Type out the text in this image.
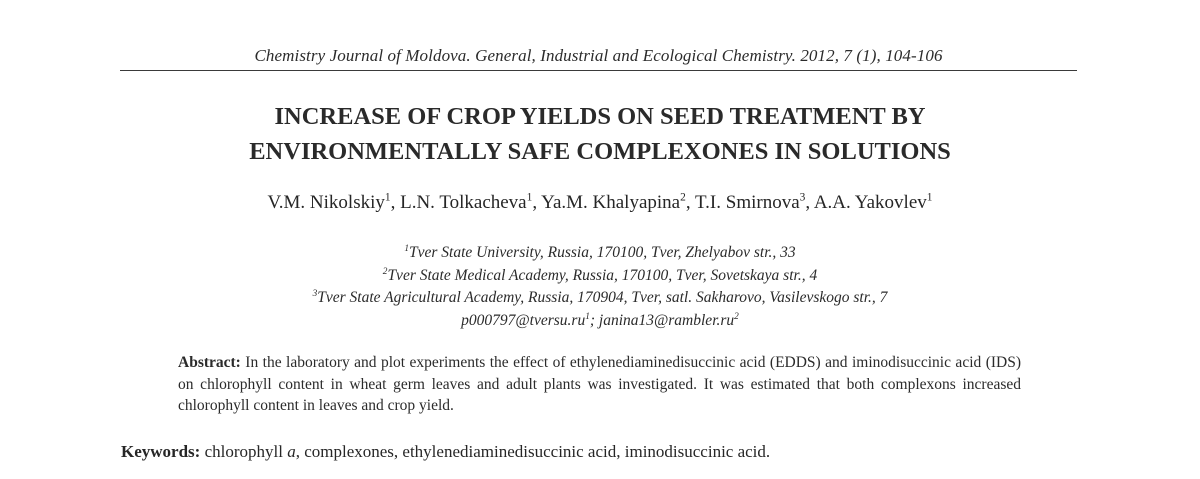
Chemistry Journal of Moldova. General, Industrial and Ecological Chemistry. 2012, 7 (1), 104-106
INCREASE OF CROP YIELDS ON SEED TREATMENT BY
ENVIRONMENTALLY SAFE COMPLEXONES IN SOLUTIONS
V.M. Nikolskiy$^1$, L.N. Tolkacheva$^1$, Ya.M. Khalyapina$^2$, T.I. Smirnova$^3$, A.A. Yakovlev$^1$
$^1$Tver State University, Russia, 170100, Tver, Zhelyabov str., 33
$^2$Tver State Medical Academy, Russia, 170100, Tver, Sovetskaya str., 4
$^3$Tver State Agricultural Academy, Russia, 170904, Tver, satl. Sakharovo, Vasilevskogo str., 7
$p000797@tversu.ru^1$; $janina13@rambler.ru^2$
Abstract: In the laboratory and plot experiments the effect of ethylenediaminedisuccinic acid (EDDS) and iminodisuccinic acid (IDS) on chlorophyll content in wheat germ leaves and adult plants was investigated. It was estimated that both complexons increased chlorophyll content in leaves and crop yield.
Keywords: chlorophyll a, complexones, ethylenediaminedisuccinic acid, iminodisuccinic acid.
